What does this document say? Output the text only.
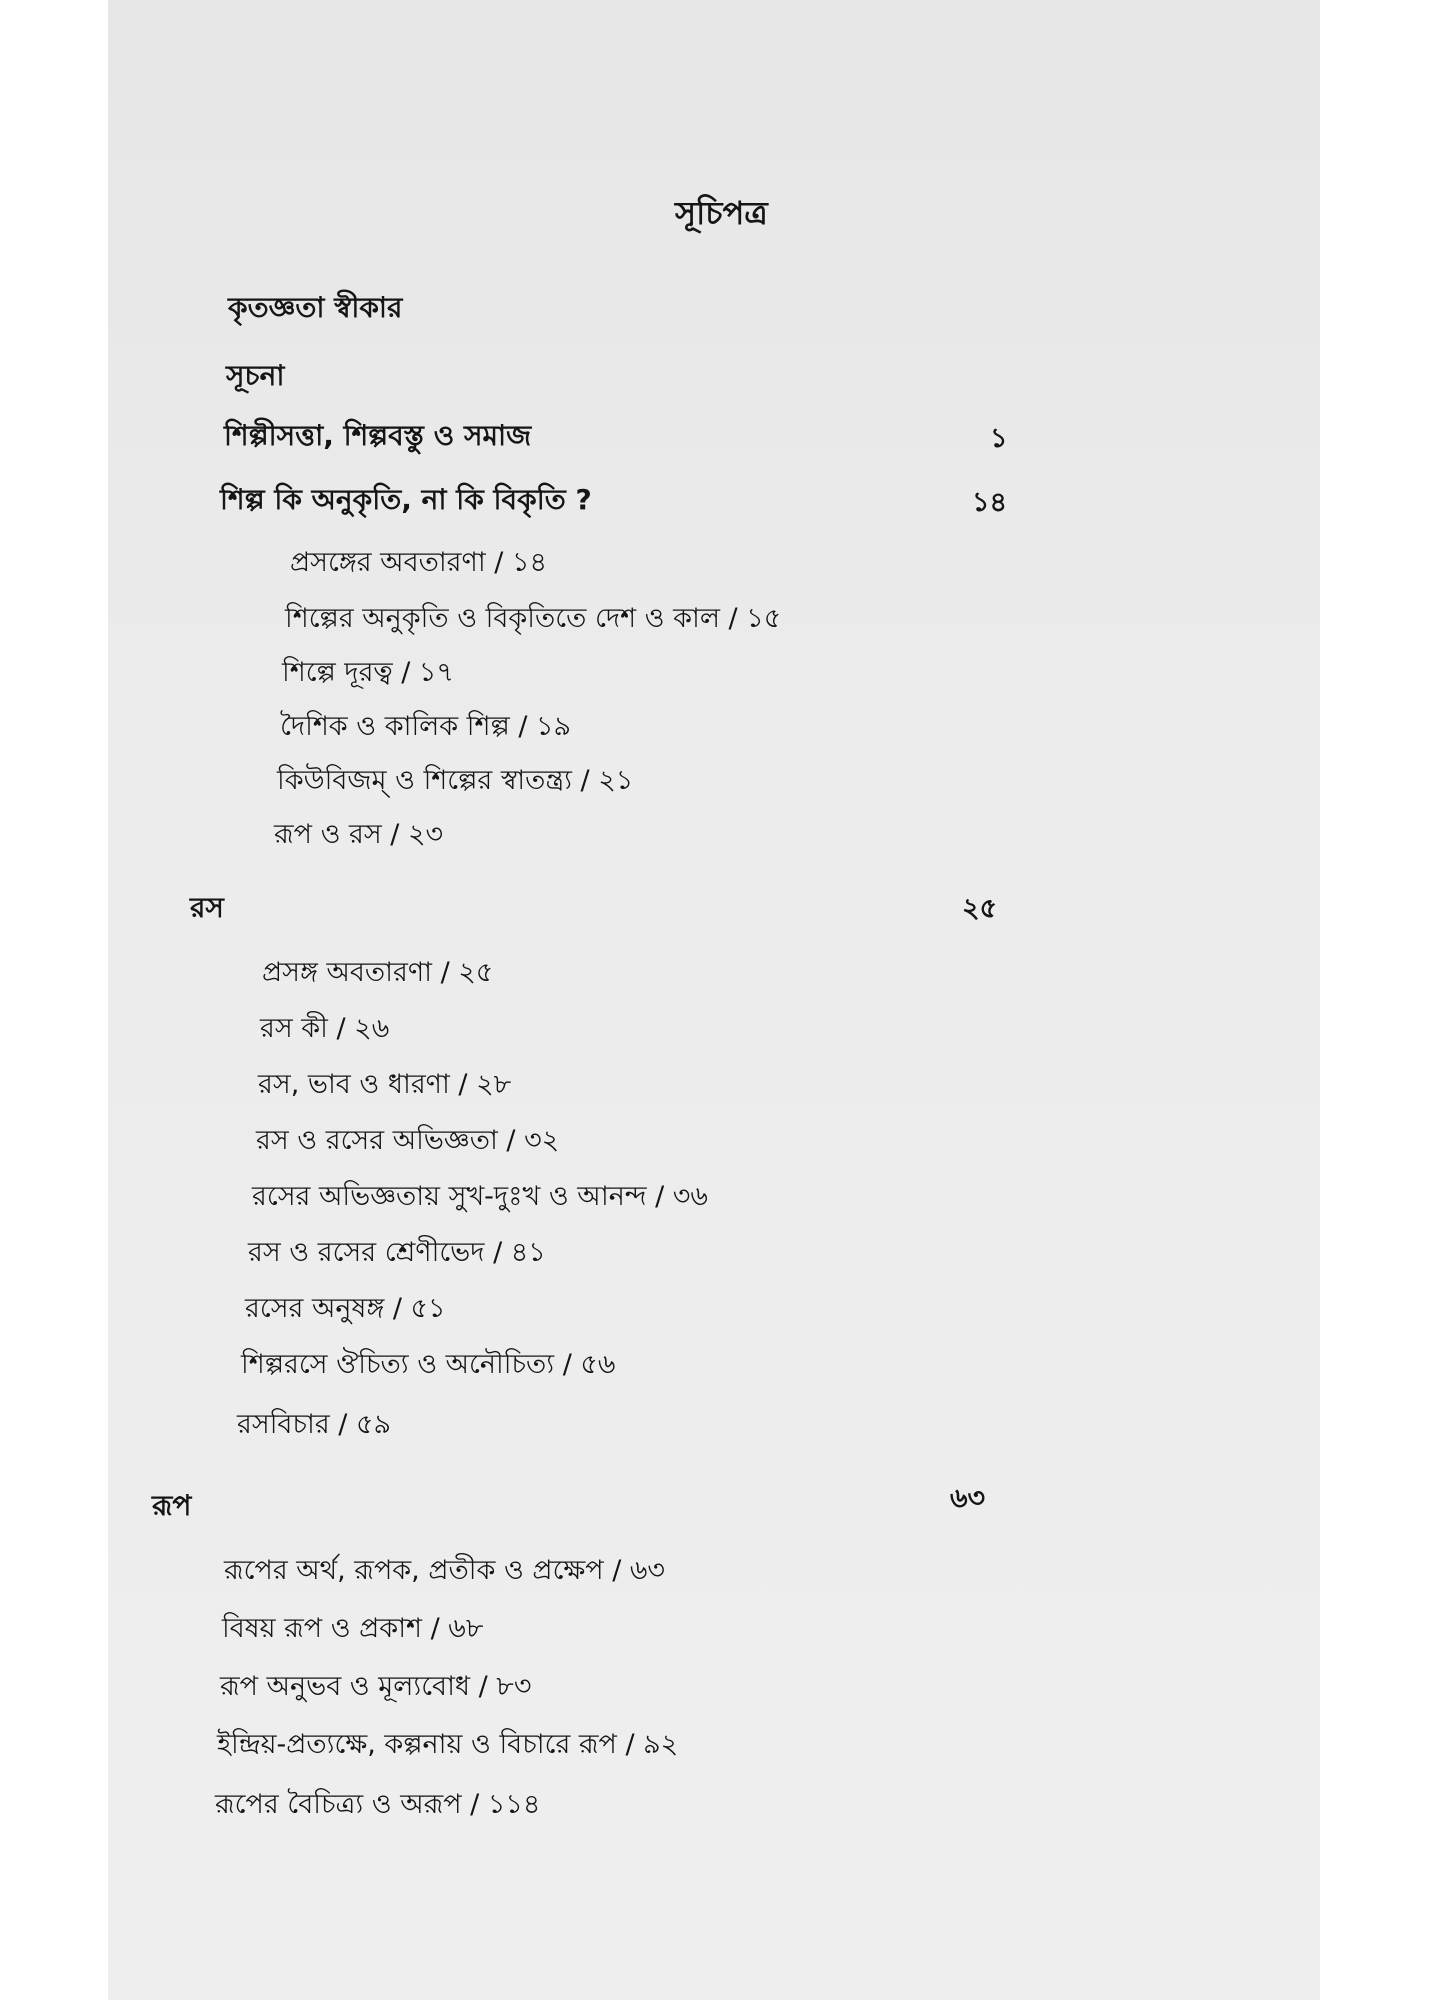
সূচিপত্র
কৃতজ্ঞতা স্বীকার
সূচনা
শিল্পীসত্তা, শিল্পবস্তু ও সমাজ	১
শিল্প কি অনুকৃতি, না কি বিকৃতি ?	১৪
প্রসঙ্গের অবতারণা / ১৪
শিল্পের অনুকৃতি ও বিকৃতিতে দেশ ও কাল / ১৫
শিল্পে দূরত্ব / ১৭
দৈশিক ও কালিক শিল্প / ১৯
কিউবিজম্ ও শিল্পের স্বাতন্ত্র্য / ২১
রূপ ও রস / ২৩
রস	২৫
প্রসঙ্গ অবতারণা / ২৫
রস কী / ২৬
রস, ভাব ও ধারণা / ২৮
রস ও রসের অভিজ্ঞতা / ৩২
রসের অভিজ্ঞতায় সুখ-দুঃখ ও আনন্দ / ৩৬
রস ও রসের শ্রেণীভেদ / ৪১
রসের অনুষঙ্গ / ৫১
শিল্পরসে ঔচিত্য ও অনৌচিত্য / ৫৬
রসবিচার / ৫৯
রূপ	৬৩
রূপের অর্থ, রূপক, প্রতীক ও প্রক্ষেপ / ৬৩
বিষয় রূপ ও প্রকাশ / ৬৮
রূপ অনুভব ও মূল্যবোধ / ৮৩
ইন্দ্রিয়-প্রত্যক্ষে, কল্পনায় ও বিচারে রূপ / ৯২
রূপের বৈচিত্র্য ও অরূপ / ১১৪
